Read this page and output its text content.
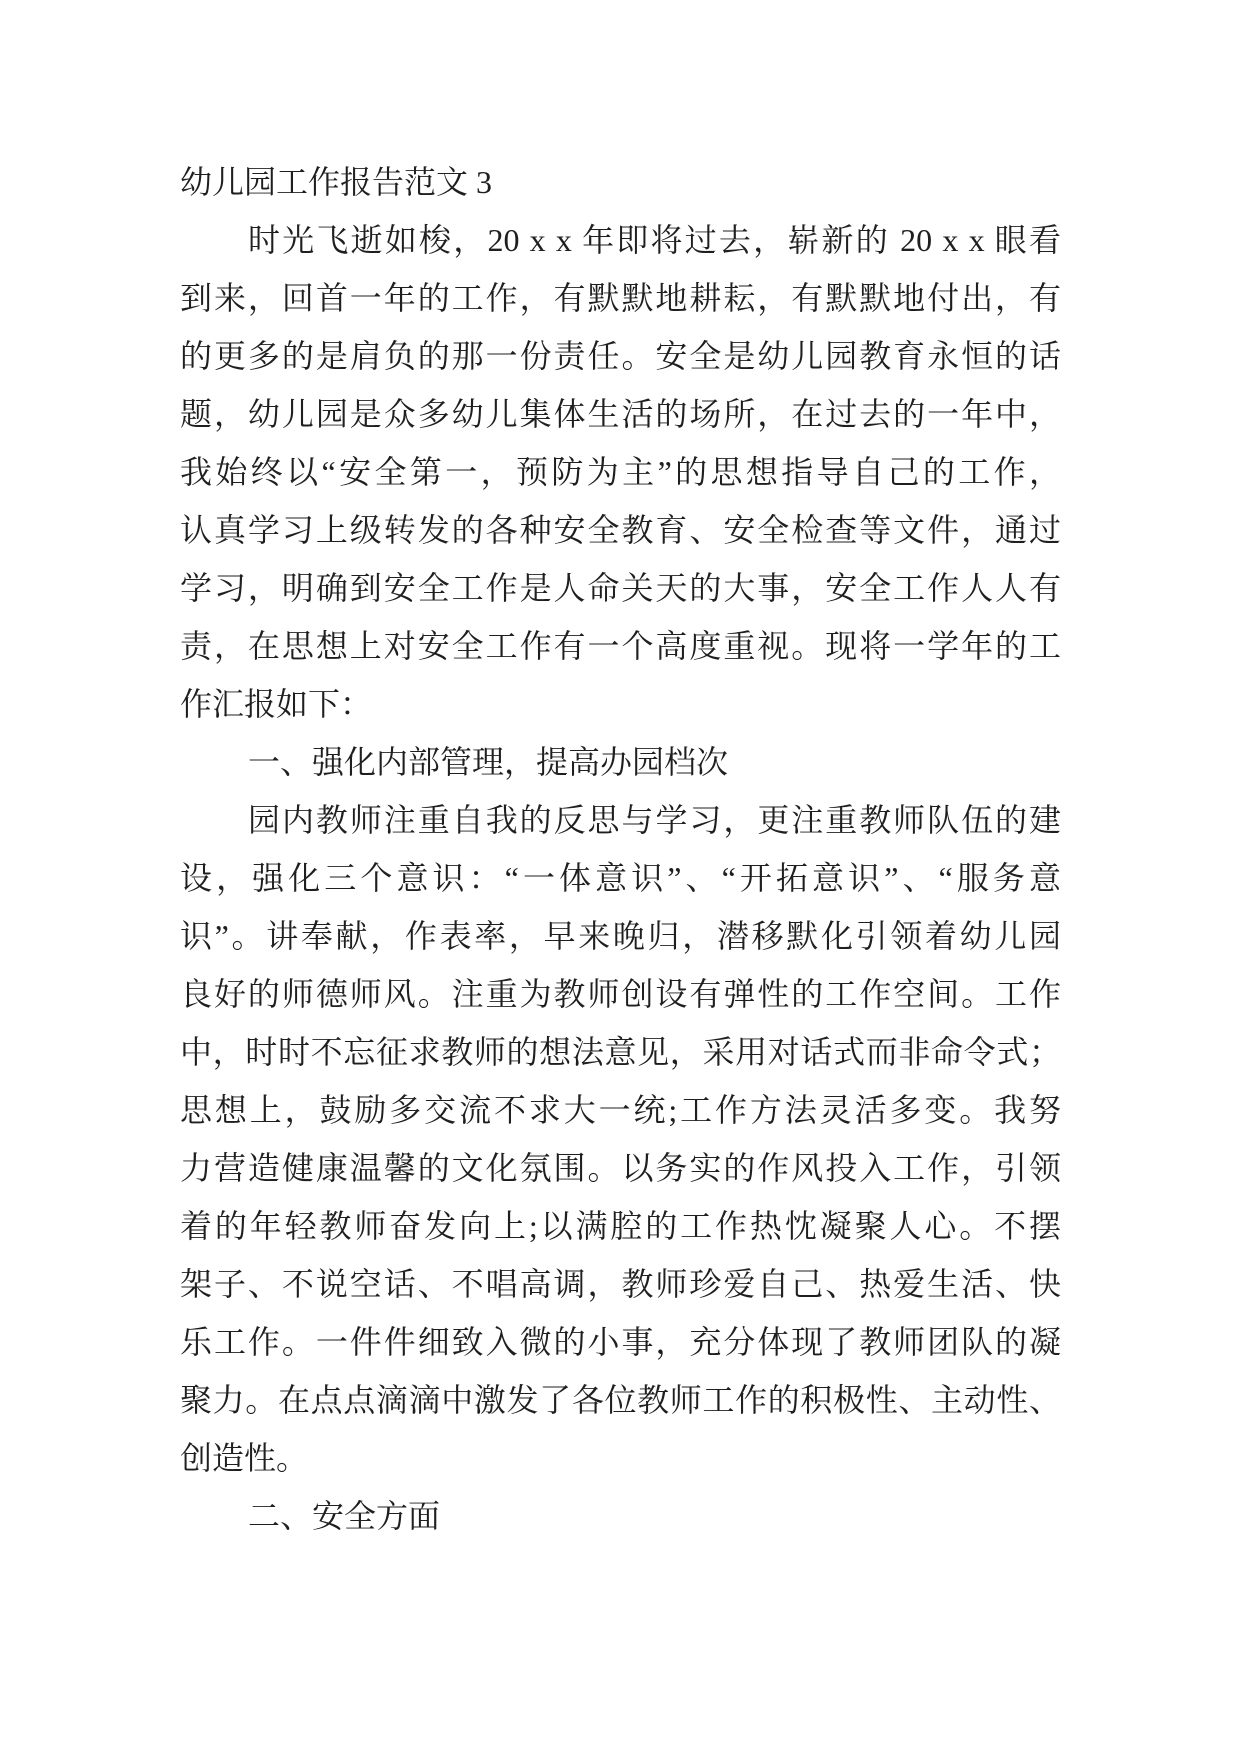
幼儿园工作报告范文 3
时光飞逝如梭，20 x x 年即将过去，崭新的 20 x x 眼看
到来，回首一年的工作，有默默地耕耘，有默默地付出，有
的更多的是肩负的那一份责任。安全是幼儿园教育永恒的话
题，幼儿园是众多幼儿集体生活的场所，在过去的一年中，
我始终以“安全第一，预防为主”的思想指导自己的工作，
认真学习上级转发的各种安全教育、安全检查等文件，通过
学习，明确到安全工作是人命关天的大事，安全工作人人有
责，在思想上对安全工作有一个高度重视。现将一学年的工
作汇报如下：
一、强化内部管理，提高办园档次
园内教师注重自我的反思与学习，更注重教师队伍的建
设，强化三个意识：“一体意识”、“开拓意识”、“服务意
识”。讲奉献，作表率，早来晚归，潜移默化引领着幼儿园
良好的师德师风。注重为教师创设有弹性的工作空间。工作
中，时时不忘征求教师的想法意见，采用对话式而非命令式；
思想上，鼓励多交流不求大一统;工作方法灵活多变。我努
力营造健康温馨的文化氛围。以务实的作风投入工作，引领
着的年轻教师奋发向上;以满腔的工作热忱凝聚人心。不摆
架子、不说空话、不唱高调，教师珍爱自己、热爱生活、快
乐工作。一件件细致入微的小事，充分体现了教师团队的凝
聚力。在点点滴滴中激发了各位教师工作的积极性、主动性、
创造性。
二、安全方面
